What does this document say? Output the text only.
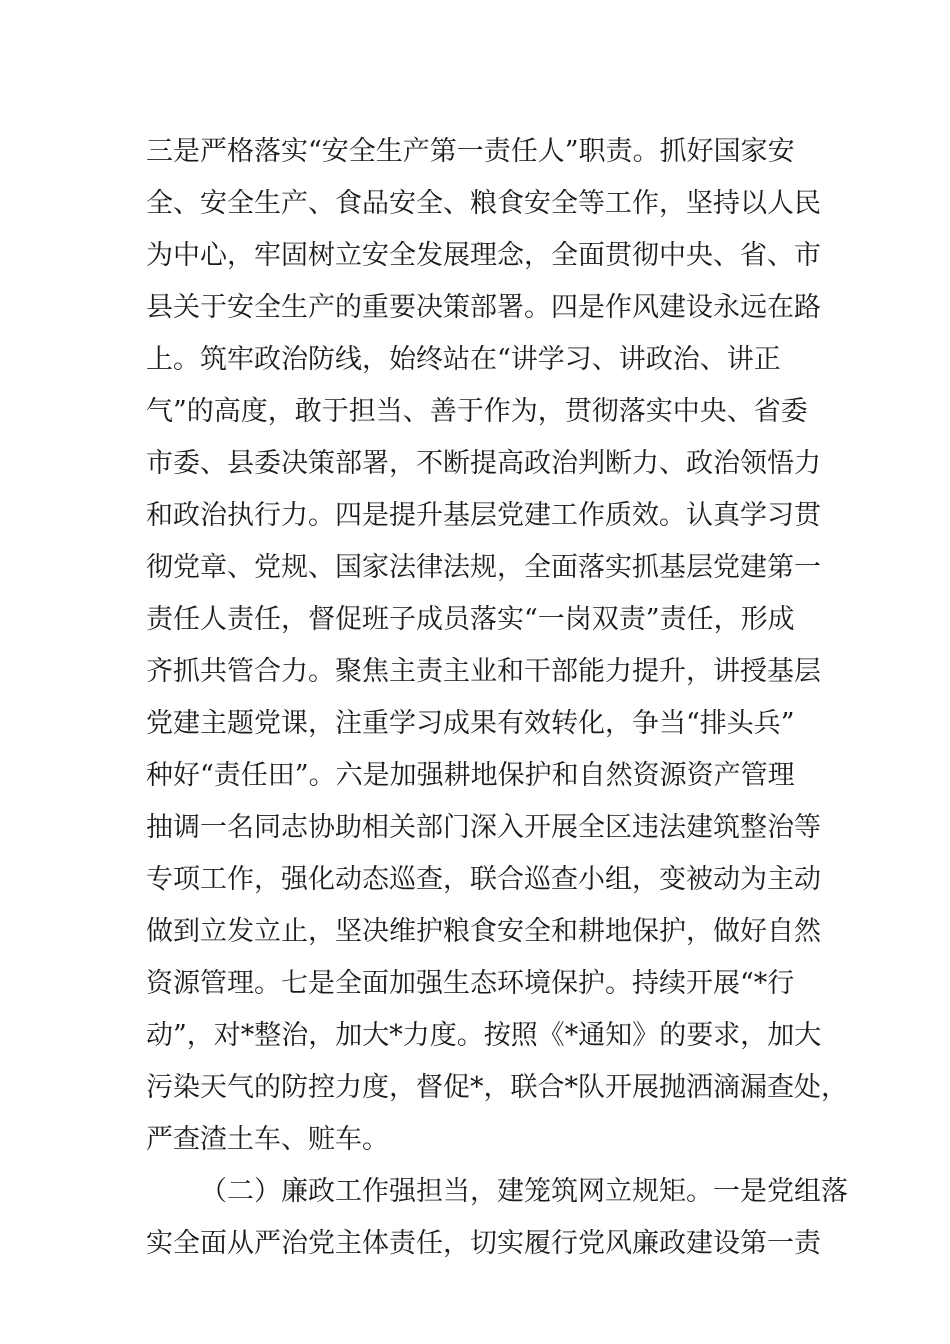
三是严格落实“安全生产第一责任人”职责。抓好国家安
全、安全生产、食品安全、粮食安全等工作，坚持以人民
为中心，牢固树立安全发展理念，全面贯彻中央、省、市
县关于安全生产的重要决策部署。四是作风建设永远在路
上。筑牢政治防线，始终站在“讲学习、讲政治、讲正
气”的高度，敢于担当、善于作为，贯彻落实中央、省委
市委、县委决策部署，不断提高政治判断力、政治领悟力
和政治执行力。四是提升基层党建工作质效。认真学习贯
彻党章、党规、国家法律法规，全面落实抓基层党建第一
责任人责任，督促班子成员落实“一岗双责”责任，形成
齐抓共管合力。聚焦主责主业和干部能力提升，讲授基层
党建主题党课，注重学习成果有效转化，争当“排头兵”
种好“责任田”。六是加强耕地保护和自然资源资产管理
抽调一名同志协助相关部门深入开展全区违法建筑整治等
专项工作，强化动态巡查，联合巡查小组，变被动为主动
做到立发立止，坚决维护粮食安全和耕地保护，做好自然
资源管理。七是全面加强生态环境保护。持续开展“*行
动”，对*整治，加大*力度。按照《*通知》的要求，加大
污染天气的防控力度，督促*，联合*队开展抛洒滴漏查处，
严查渣土车、赃车。
（二）廉政工作强担当，建笼筑网立规矩。一是党组落
实全面从严治党主体责任，切实履行党风廉政建设第一责
